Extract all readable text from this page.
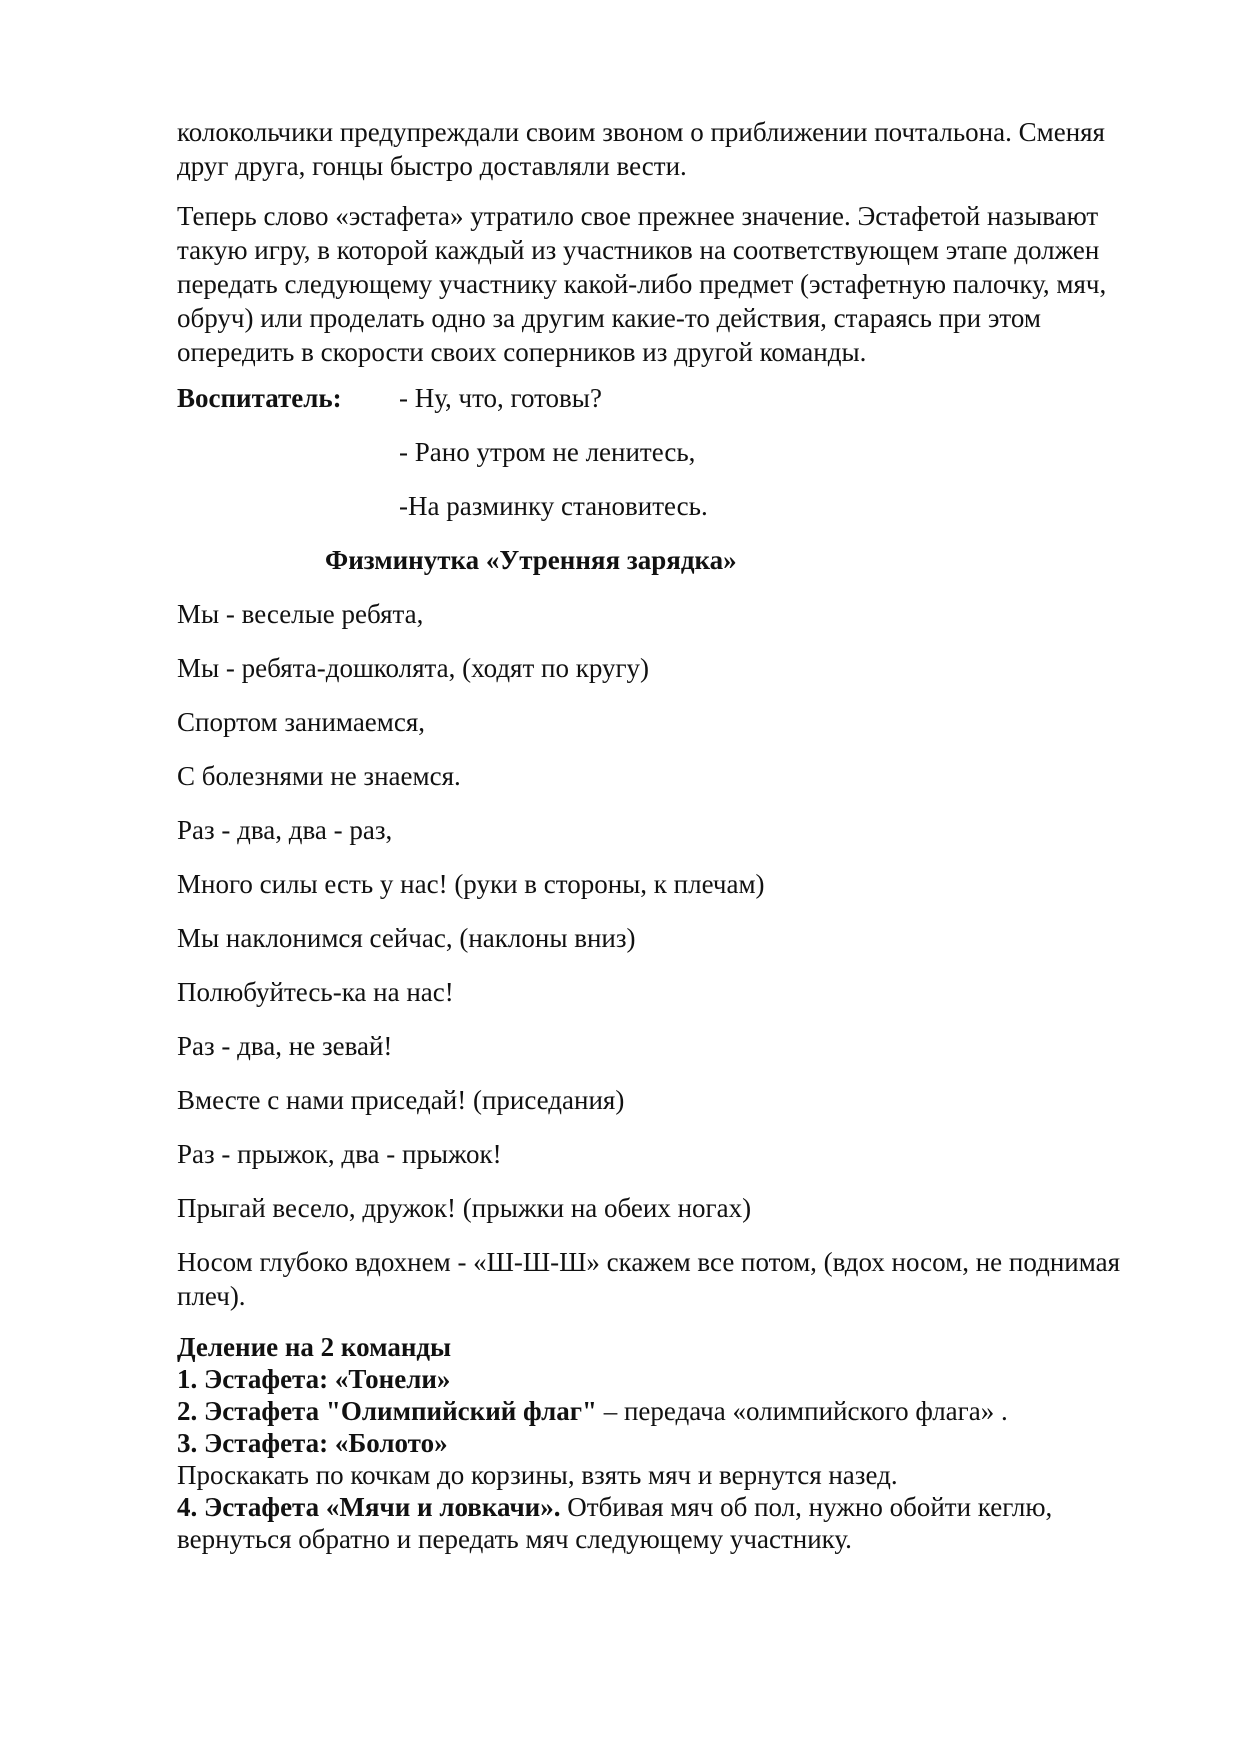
колокольчики предупреждали своим звоном о приближении почтальона. Сменяя друг друга, гонцы быстро доставляли вести.

Теперь слово «эстафета» утратило свое прежнее значение. Эстафетой называют такую игру, в которой каждый из участников на соответствующем этапе должен передать следующему участнику какой-либо предмет (эстафетную палочку, мяч, обруч) или проделать одно за другим какие-то действия, стараясь при этом опередить в скорости своих соперников из другой команды.

Воспитатель: - Ну, что, готовы?
- Рано утром не ленитесь,
-На разминку становитесь.
Физминутка «Утренняя зарядка»
Мы - веселые ребята,
Мы - ребята-дошколята, (ходят по кругу)
Спортом занимаемся,
С болезнями не знаемся.
Раз - два, два - раз,
Много силы есть у нас! (руки в стороны, к плечам)
Мы наклонимся сейчас, (наклоны вниз)
Полюбуйтесь-ка на нас!
Раз - два, не зевай!
Вместе с нами приседай! (приседания)
Раз - прыжок, два - прыжок!
Прыгай весело, дружок! (прыжки на обеих ногах)

Носом глубоко вдохнем - «Ш-Ш-Ш» скажем все потом, (вдох носом, не поднимая плеч).

Деление на 2 команды
1. Эстафета: «Тонели»
2. Эстафета "Олимпийский флаг" – передача «олимпийского флага» .
3. Эстафета: «Болото»
Проскакать по кочкам до корзины, взять мяч и вернутся назед.
4. Эстафета «Мячи и ловкачи». Отбивая мяч об пол, нужно обойти кеглю, вернуться обратно и передать мяч следующему участнику.
